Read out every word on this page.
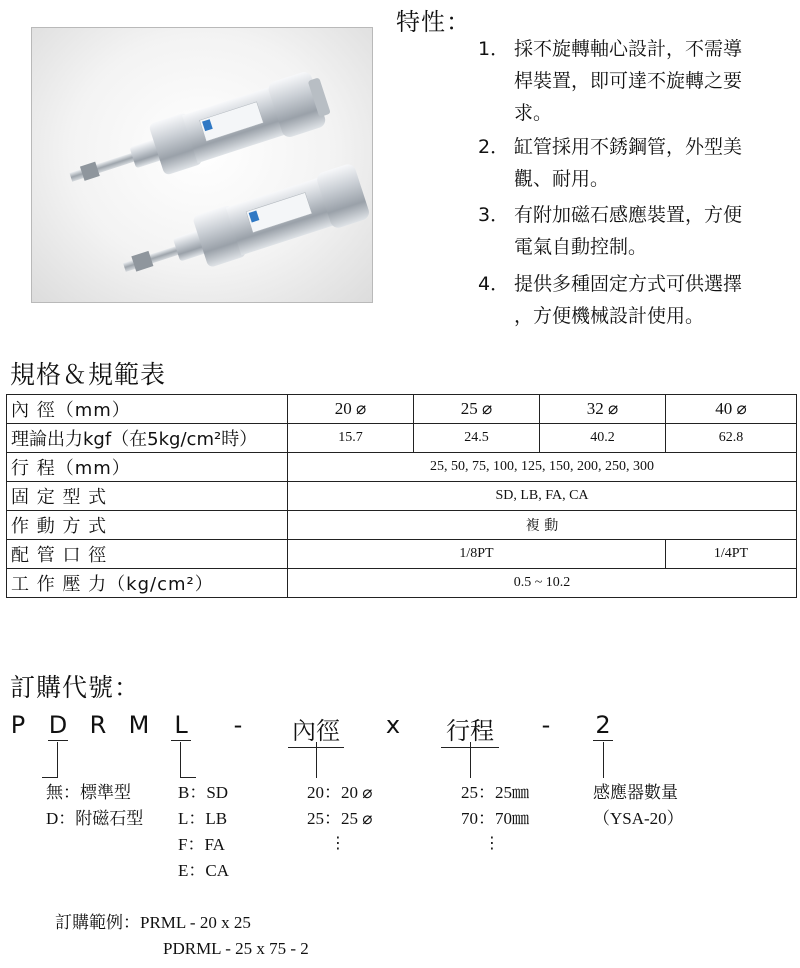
特性：
1． 採不旋轉軸心設計，不需導
桿裝置，即可達不旋轉之要
求。
2． 缸管採用不銹鋼管，外型美
觀、耐用。
3． 有附加磁石感應裝置，方便
電氣自動控制。
4． 提供多種固定方式可供選擇
，方便機械設計使用。
規格＆規範表
內 徑（mm）	20 ⌀	25 ⌀	32 ⌀	40 ⌀
理論出力kgf（在5kg/cm²時）	15.7	24.5	40.2	62.8
行 程（mm）	25, 50, 75, 100, 125, 150, 200, 250, 300			
固 定 型 式	SD, LB, FA, CA			
作 動 方 式	複 動			
配 管 口 徑	1/8PT			1/4PT
工 作 壓 力（kg/cm²）	0.5 ~ 10.2			
訂購代號：
P D R M L - 內徑 x 行程 - 2
無：標準型
D：附磁石型
B：SD
L：LB
F：FA
E：CA
20：20 ⌀
25：25 ⌀
⋮
25：25㎜
70：70㎜
⋮
感應器數量
（YSA-20）
訂購範例：PRML - 20 x 25
PDRML - 25 x 75 - 2
